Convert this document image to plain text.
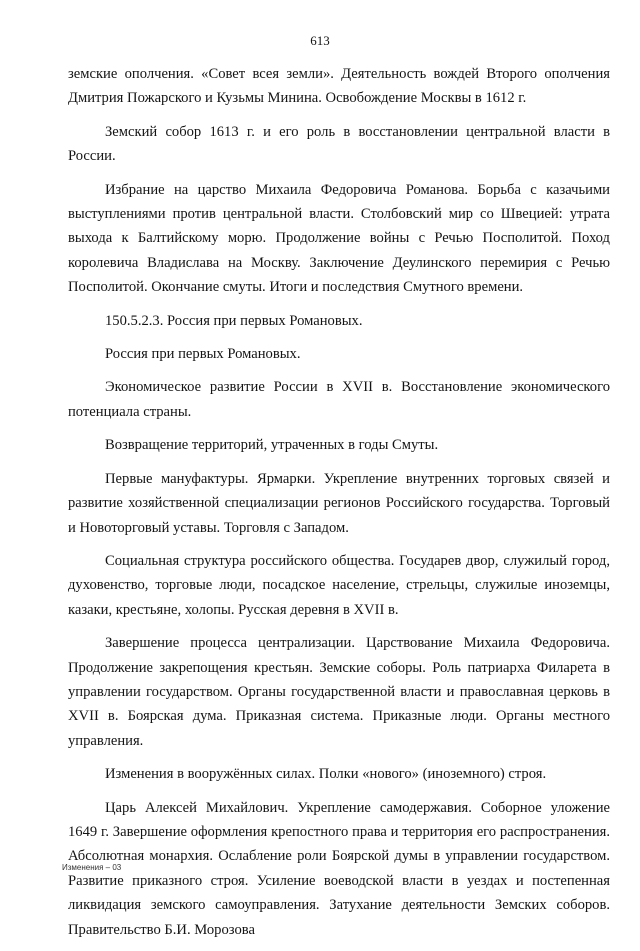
613

земские ополчения. «Совет всея земли». Деятельность вождей Второго ополчения Дмитрия Пожарского и Кузьмы Минина. Освобождение Москвы в 1612 г.

Земский собор 1613 г. и его роль в восстановлении центральной власти в России.

Избрание на царство Михаила Федоровича Романова. Борьба с казачьими выступлениями против центральной власти. Столбовский мир со Швецией: утрата выхода к Балтийскому морю. Продолжение войны с Речью Посполитой. Поход королевича Владислава на Москву. Заключение Деулинского перемирия с Речью Посполитой. Окончание смуты. Итоги и последствия Смутного времени.

150.5.2.3. Россия при первых Романовых.

Россия при первых Романовых.

Экономическое развитие России в XVII в. Восстановление экономического потенциала страны.

Возвращение территорий, утраченных в годы Смуты.

Первые мануфактуры. Ярмарки. Укрепление внутренних торговых связей и развитие хозяйственной специализации регионов Российского государства. Торговый и Новоторговый уставы. Торговля с Западом.

Социальная структура российского общества. Государев двор, служилый город, духовенство, торговые люди, посадское население, стрельцы, служилые иноземцы, казаки, крестьяне, холопы. Русская деревня в XVII в.

Завершение процесса централизации. Царствование Михаила Федоровича. Продолжение закрепощения крестьян. Земские соборы. Роль патриарха Филарета в управлении государством. Органы государственной власти и православная церковь в XVII в. Боярская дума. Приказная система. Приказные люди. Органы местного управления.

Изменения в вооружённых силах. Полки «нового» (иноземного) строя.

Царь Алексей Михайлович. Укрепление самодержавия. Соборное уложение 1649 г. Завершение оформления крепостного права и территория его распространения. Абсолютная монархия. Ослабление роли Боярской думы в управлении государством. Развитие приказного строя. Усиление воеводской власти в уездах и постепенная ликвидация земского самоуправления. Затухание деятельности Земских соборов. Правительство Б.И. Морозова

Изменения – 03
